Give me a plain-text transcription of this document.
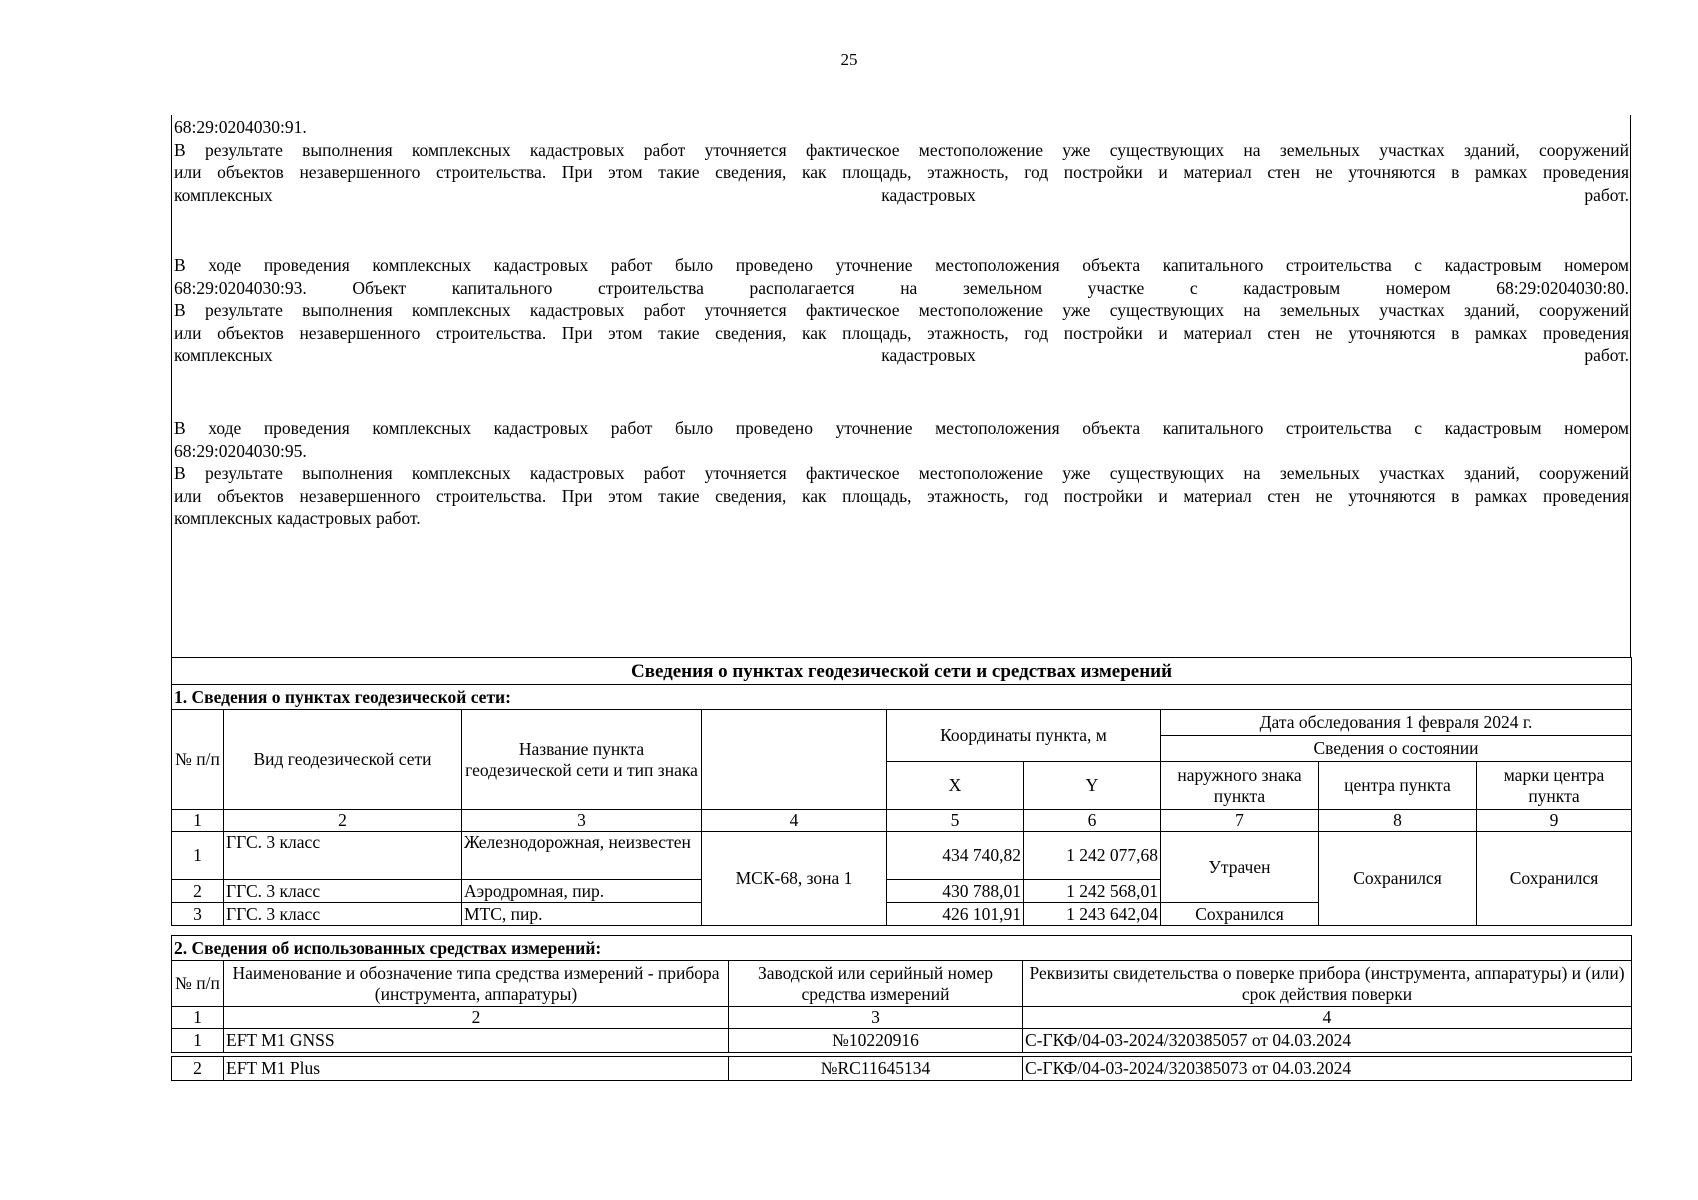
25
68:29:0204030:91.
В результате выполнения комплексных кадастровых работ уточняется фактическое местоположение уже существующих на земельных участках зданий, сооружений
или объектов незавершенного строительства. При этом такие сведения, как площадь, этажность, год постройки и материал стен не уточняются в рамках проведения
комплексных кадастровых работ.
В ходе проведения комплексных кадастровых работ было проведено уточнение местоположения объекта капитального строительства с кадастровым номером
68:29:0204030:93. Объект капитального строительства располагается на земельном участке с кадастровым номером 68:29:0204030:80.
В результате выполнения комплексных кадастровых работ уточняется фактическое местоположение уже существующих на земельных участках зданий, сооружений
или объектов незавершенного строительства. При этом такие сведения, как площадь, этажность, год постройки и материал стен не уточняются в рамках проведения
комплексных кадастровых работ.
В ходе проведения комплексных кадастровых работ было проведено уточнение местоположения объекта капитального строительства с кадастровым номером
68:29:0204030:95.
В результате выполнения комплексных кадастровых работ уточняется фактическое местоположение уже существующих на земельных участках зданий, сооружений
или объектов незавершенного строительства. При этом такие сведения, как площадь, этажность, год постройки и материал стен не уточняются в рамках проведения
комплексных кадастровых работ.
Сведения о пунктах геодезической сети и средствах измерений								
1. Сведения о пунктах геодезической сети:								
№ п/п	Вид геодезической сети	Название пункта геодезической сети и тип знака		Координаты пункта, м		Дата обследования 1 февраля 2024 г.		
						Сведения о состоянии		
				X	Y	наружного знака пункта	центра пункта	марки центра пункта
1	2	3	4	5	6	7	8	9
1	ГГС. 3 класс	Железнодорожная, неизвестен	МСК-68, зона 1	434 740,82	1 242 077,68	Утрачен	Сохранился	Сохранился
2	ГГС. 3 класс	Аэродромная, пир.		430 788,01	1 242 568,01			
3	ГГС. 3 класс	МТС, пир.		426 101,91	1 243 642,04	Сохранился		
2. Сведения об использованных средствах измерений:			
№ п/п	Наименование и обозначение типа средства измерений - прибора (инструмента, аппаратуры)	Заводской или серийный номер средства измерений	Реквизиты свидетельства о поверке прибора (инструмента, аппаратуры) и (или) срок действия поверки
1	2	3	4
1	EFT M1 GNSS	№10220916	С-ГКФ/04-03-2024/320385057 от 04.03.2024

2	EFT M1 Plus	№RC11645134	С-ГКФ/04-03-2024/320385073 от 04.03.2024
